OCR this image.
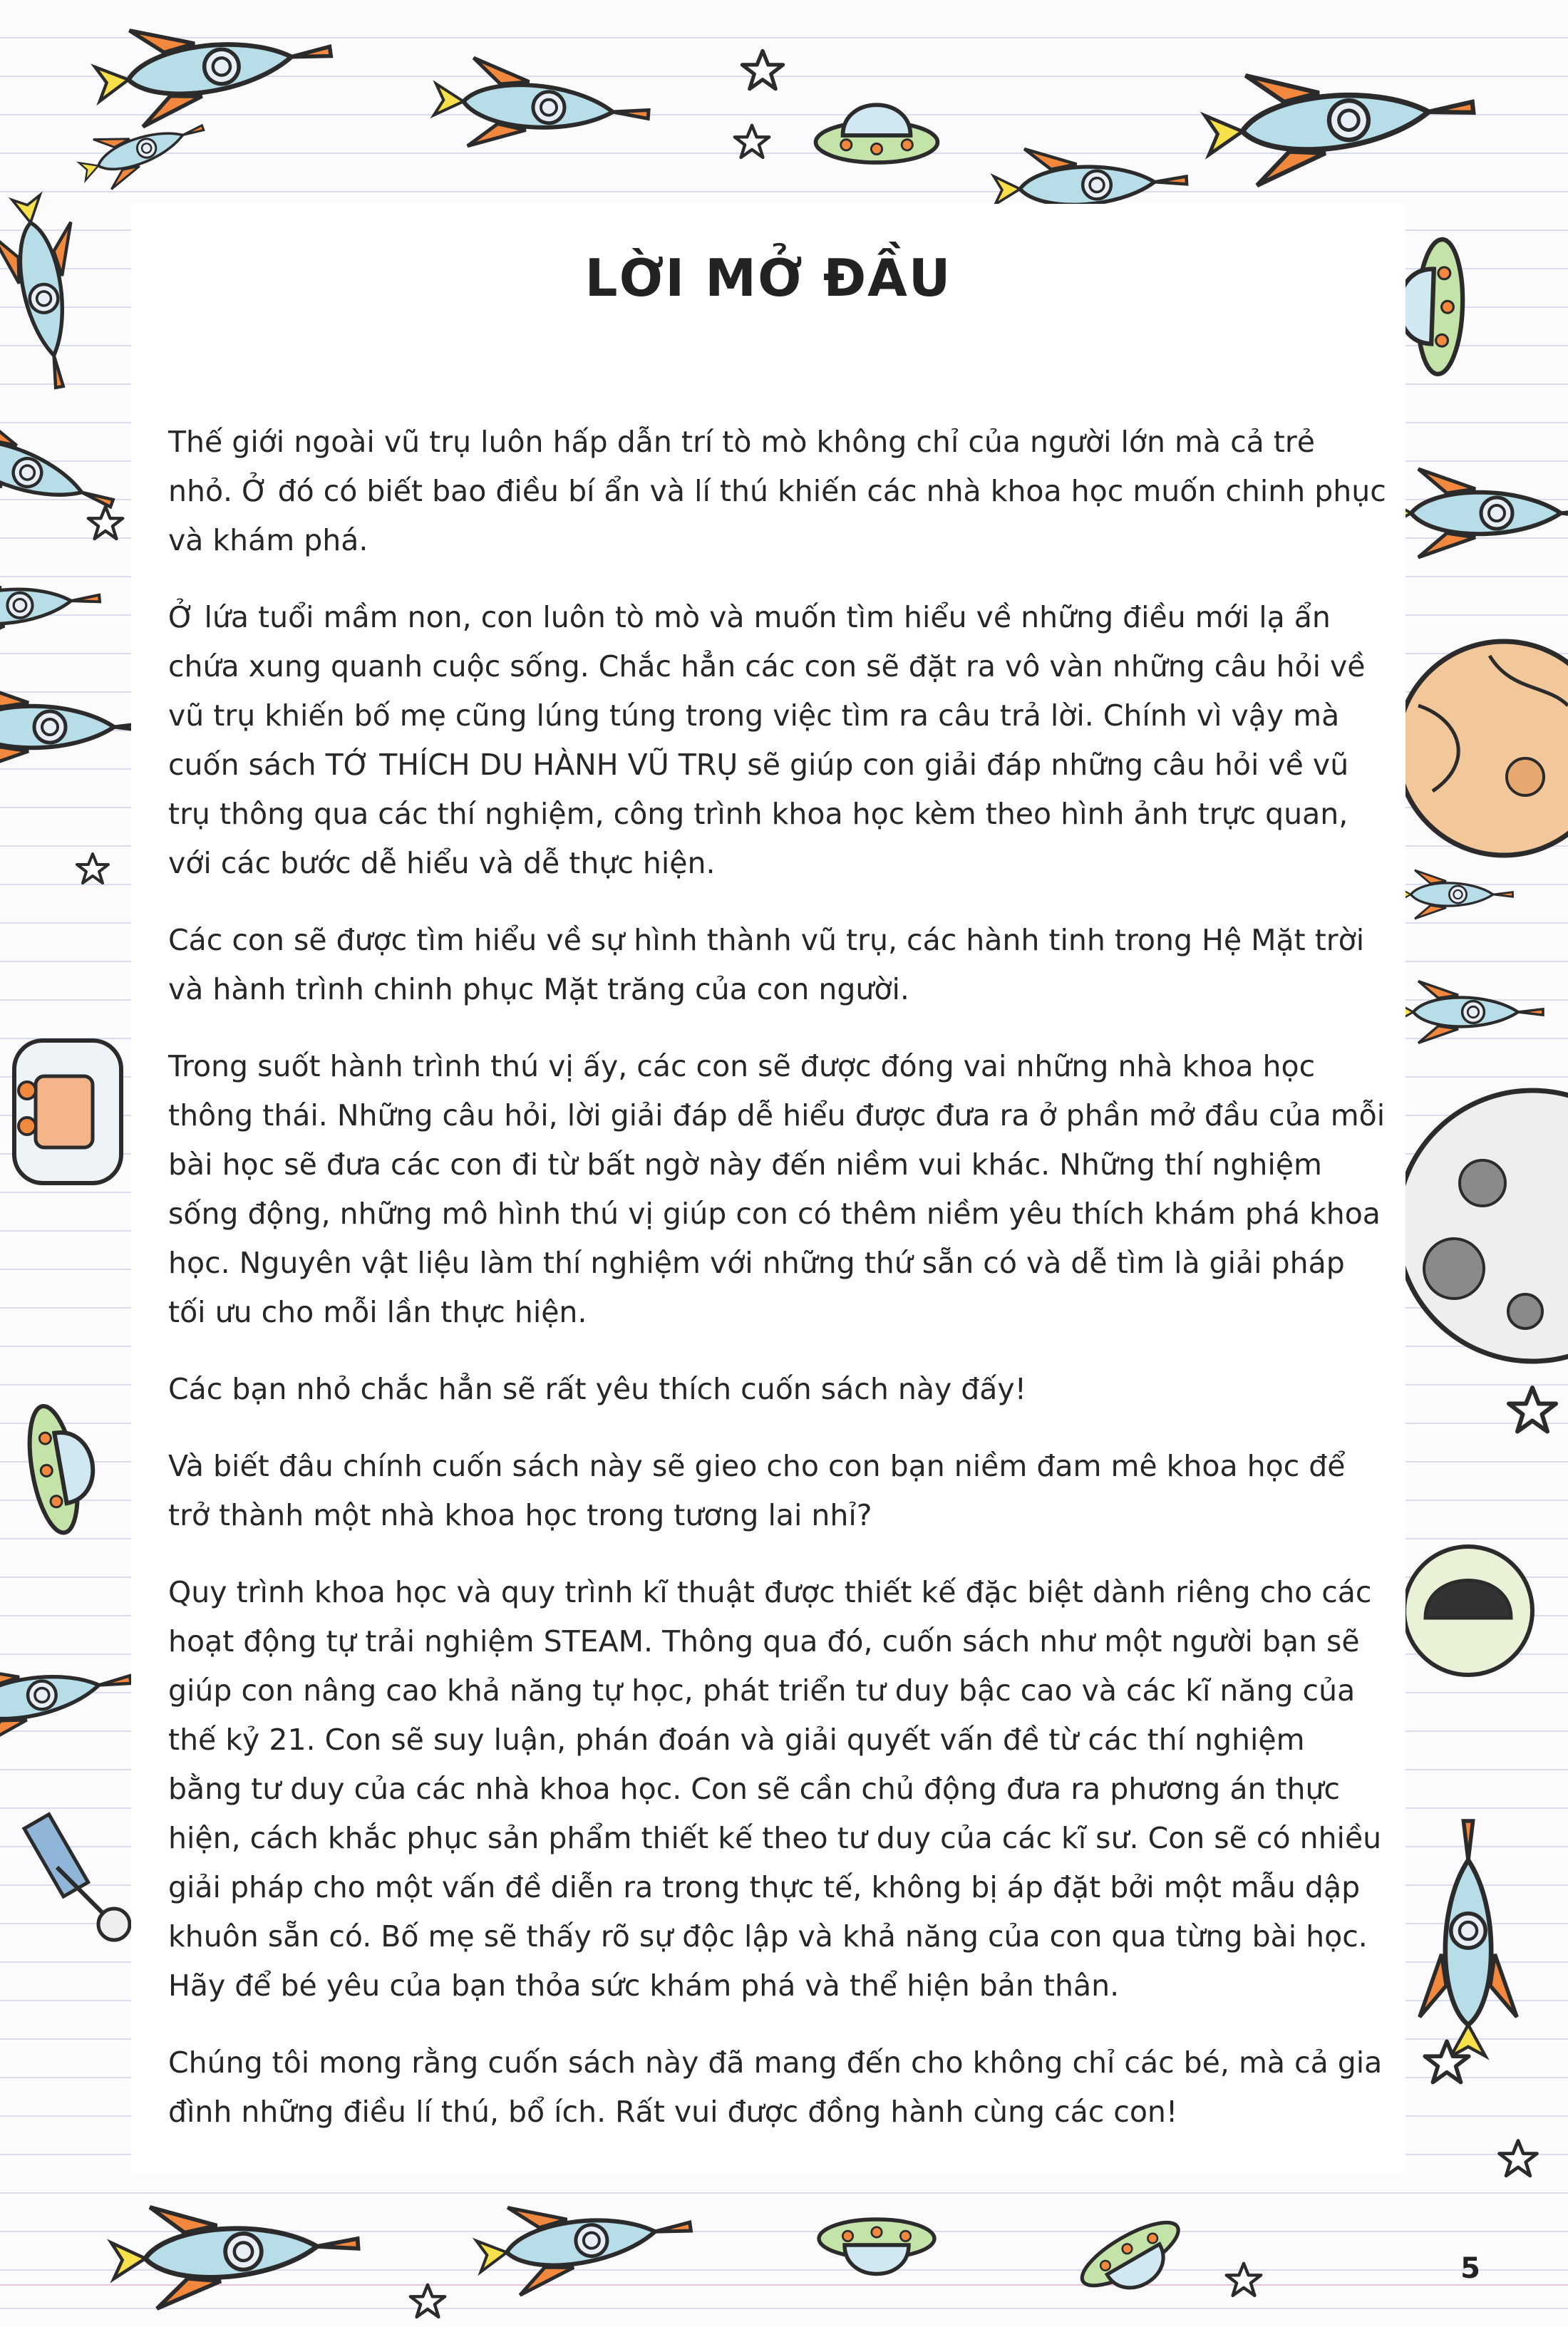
LỜI MỞ ĐẦU

Thế giới ngoài vũ trụ luôn hấp dẫn trí tò mò không chỉ của người lớn mà cả trẻ nhỏ. Ở đó có biết bao điều bí ẩn và lí thú khiến các nhà khoa học muốn chinh phục và khám phá.

Ở lứa tuổi mầm non, con luôn tò mò và muốn tìm hiểu về những điều mới lạ ẩn chứa xung quanh cuộc sống. Chắc hẳn các con sẽ đặt ra vô vàn những câu hỏi về vũ trụ khiến bố mẹ cũng lúng túng trong việc tìm ra câu trả lời. Chính vì vậy mà cuốn sách TỚ THÍCH DU HÀNH VŨ TRỤ sẽ giúp con giải đáp những câu hỏi về vũ trụ thông qua các thí nghiệm, công trình khoa học kèm theo hình ảnh trực quan, với các bước dễ hiểu và dễ thực hiện.

Các con sẽ được tìm hiểu về sự hình thành vũ trụ, các hành tinh trong Hệ Mặt trời và hành trình chinh phục Mặt trăng của con người.

Trong suốt hành trình thú vị ấy, các con sẽ được đóng vai những nhà khoa học thông thái. Những câu hỏi, lời giải đáp dễ hiểu được đưa ra ở phần mở đầu của mỗi bài học sẽ đưa các con đi từ bất ngờ này đến niềm vui khác. Những thí nghiệm sống động, những mô hình thú vị giúp con có thêm niềm yêu thích khám phá khoa học. Nguyên vật liệu làm thí nghiệm với những thứ sẵn có và dễ tìm là giải pháp tối ưu cho mỗi lần thực hiện.

Các bạn nhỏ chắc hẳn sẽ rất yêu thích cuốn sách này đấy!

Và biết đâu chính cuốn sách này sẽ gieo cho con bạn niềm đam mê khoa học để trở thành một nhà khoa học trong tương lai nhỉ?

Quy trình khoa học và quy trình kĩ thuật được thiết kế đặc biệt dành riêng cho các hoạt động tự trải nghiệm STEAM. Thông qua đó, cuốn sách như một người bạn sẽ giúp con nâng cao khả năng tự học, phát triển tư duy bậc cao và các kĩ năng của thế kỷ 21. Con sẽ suy luận, phán đoán và giải quyết vấn đề từ các thí nghiệm bằng tư duy của các nhà khoa học. Con sẽ cần chủ động đưa ra phương án thực hiện, cách khắc phục sản phẩm thiết kế theo tư duy của các kĩ sư. Con sẽ có nhiều giải pháp cho một vấn đề diễn ra trong thực tế, không bị áp đặt bởi một mẫu dập khuôn sẵn có. Bố mẹ sẽ thấy rõ sự độc lập và khả năng của con qua từng bài học. Hãy để bé yêu của bạn thỏa sức khám phá và thể hiện bản thân.

Chúng tôi mong rằng cuốn sách này đã mang đến cho không chỉ các bé, mà cả gia đình những điều lí thú, bổ ích. Rất vui được đồng hành cùng các con!

5
